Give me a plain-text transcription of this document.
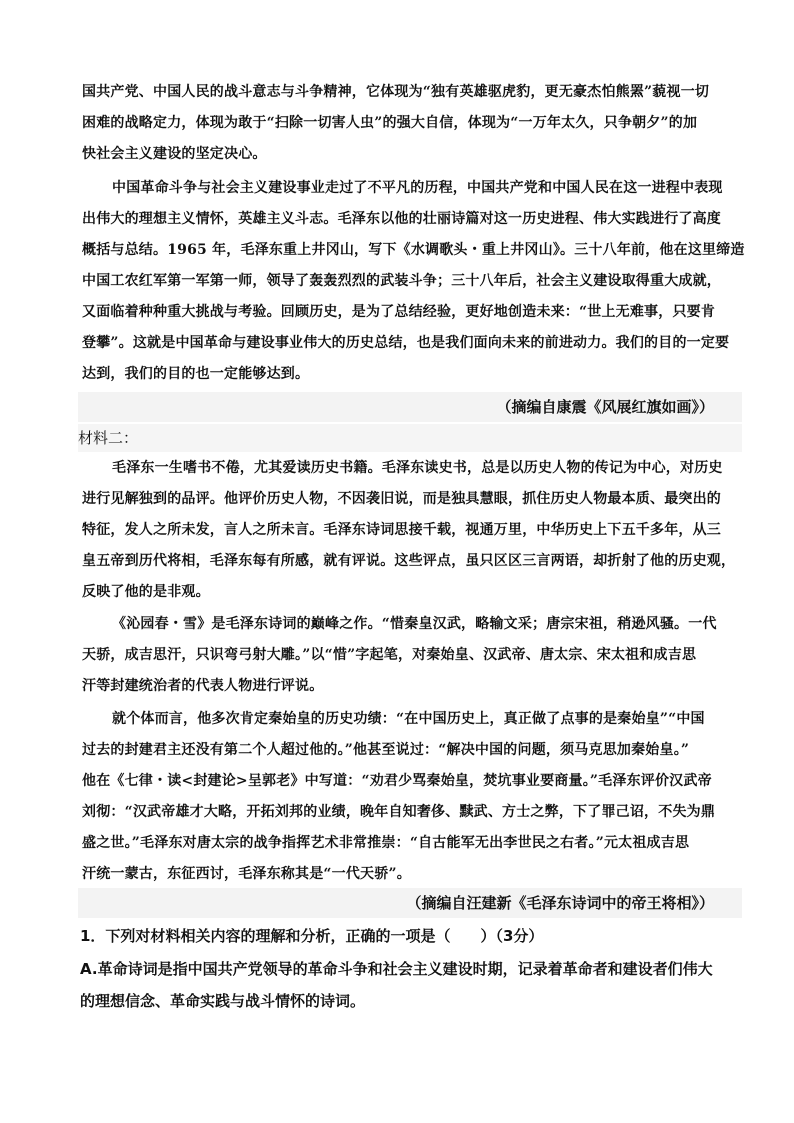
国共产党、中国人民的战斗意志与斗争精神，它体现为“独有英雄驱虎豹，更无豪杰怕熊罴”藐视一切
困难的战略定力，体现为敢于“扫除一切害人虫”的强大自信，体现为“一万年太久，只争朝夕”的加
快社会主义建设的坚定决心。
中国革命斗争与社会主义建设事业走过了不平凡的历程，中国共产党和中国人民在这一进程中表现
出伟大的理想主义情怀，英雄主义斗志。毛泽东以他的壮丽诗篇对这一历史进程、伟大实践进行了高度
概括与总结。1965 年，毛泽东重上井冈山，写下《水调歌头・重上井冈山》。三十八年前，他在这里缔造
中国工农红军第一军第一师，领导了轰轰烈烈的武装斗争；三十八年后，社会主义建设取得重大成就，
又面临着种种重大挑战与考验。回顾历史，是为了总结经验，更好地创造未来：“世上无难事，只要肯
登攀”。这就是中国革命与建设事业伟大的历史总结，也是我们面向未来的前进动力。我们的目的一定要
达到，我们的目的也一定能够达到。
（摘编自康震《风展红旗如画》）
材料二：
毛泽东一生嗜书不倦，尤其爱读历史书籍。毛泽东读史书，总是以历史人物的传记为中心，对历史
进行见解独到的品评。他评价历史人物，不因袭旧说，而是独具慧眼，抓住历史人物最本质、最突出的
特征，发人之所未发，言人之所未言。毛泽东诗词思接千载，视通万里，中华历史上下五千多年，从三
皇五帝到历代将相，毛泽东每有所感，就有评说。这些评点，虽只区区三言两语，却折射了他的历史观，
反映了他的是非观。
《沁园春・雪》是毛泽东诗词的巅峰之作。“惜秦皇汉武，略输文采；唐宗宋祖，稍逊风骚。一代
天骄，成吉思汗，只识弯弓射大雕。”以“惜”字起笔，对秦始皇、汉武帝、唐太宗、宋太祖和成吉思
汗等封建统治者的代表人物进行评说。
就个体而言，他多次肯定秦始皇的历史功绩：“在中国历史上，真正做了点事的是秦始皇”“中国
过去的封建君主还没有第二个人超过他的。”他甚至说过：“解决中国的问题，须马克思加秦始皇。”
他在《七律・读<封建论>呈郭老》中写道：“劝君少骂秦始皇，焚坑事业要商量。”毛泽东评价汉武帝
刘彻：“汉武帝雄才大略，开拓刘邦的业绩，晚年自知奢侈、黩武、方士之弊，下了罪己诏，不失为鼎
盛之世。”毛泽东对唐太宗的战争指挥艺术非常推崇：“自古能军无出李世民之右者。”元太祖成吉思
汗统一蒙古，东征西讨，毛泽东称其是“一代天骄”。
（摘编自汪建新《毛泽东诗词中的帝王将相》）
1．下列对材料相关内容的理解和分析，正确的一项是（　　）（3分）
A.革命诗词是指中国共产党领导的革命斗争和社会主义建设时期，记录着革命者和建设者们伟大
的理想信念、革命实践与战斗情怀的诗词。
